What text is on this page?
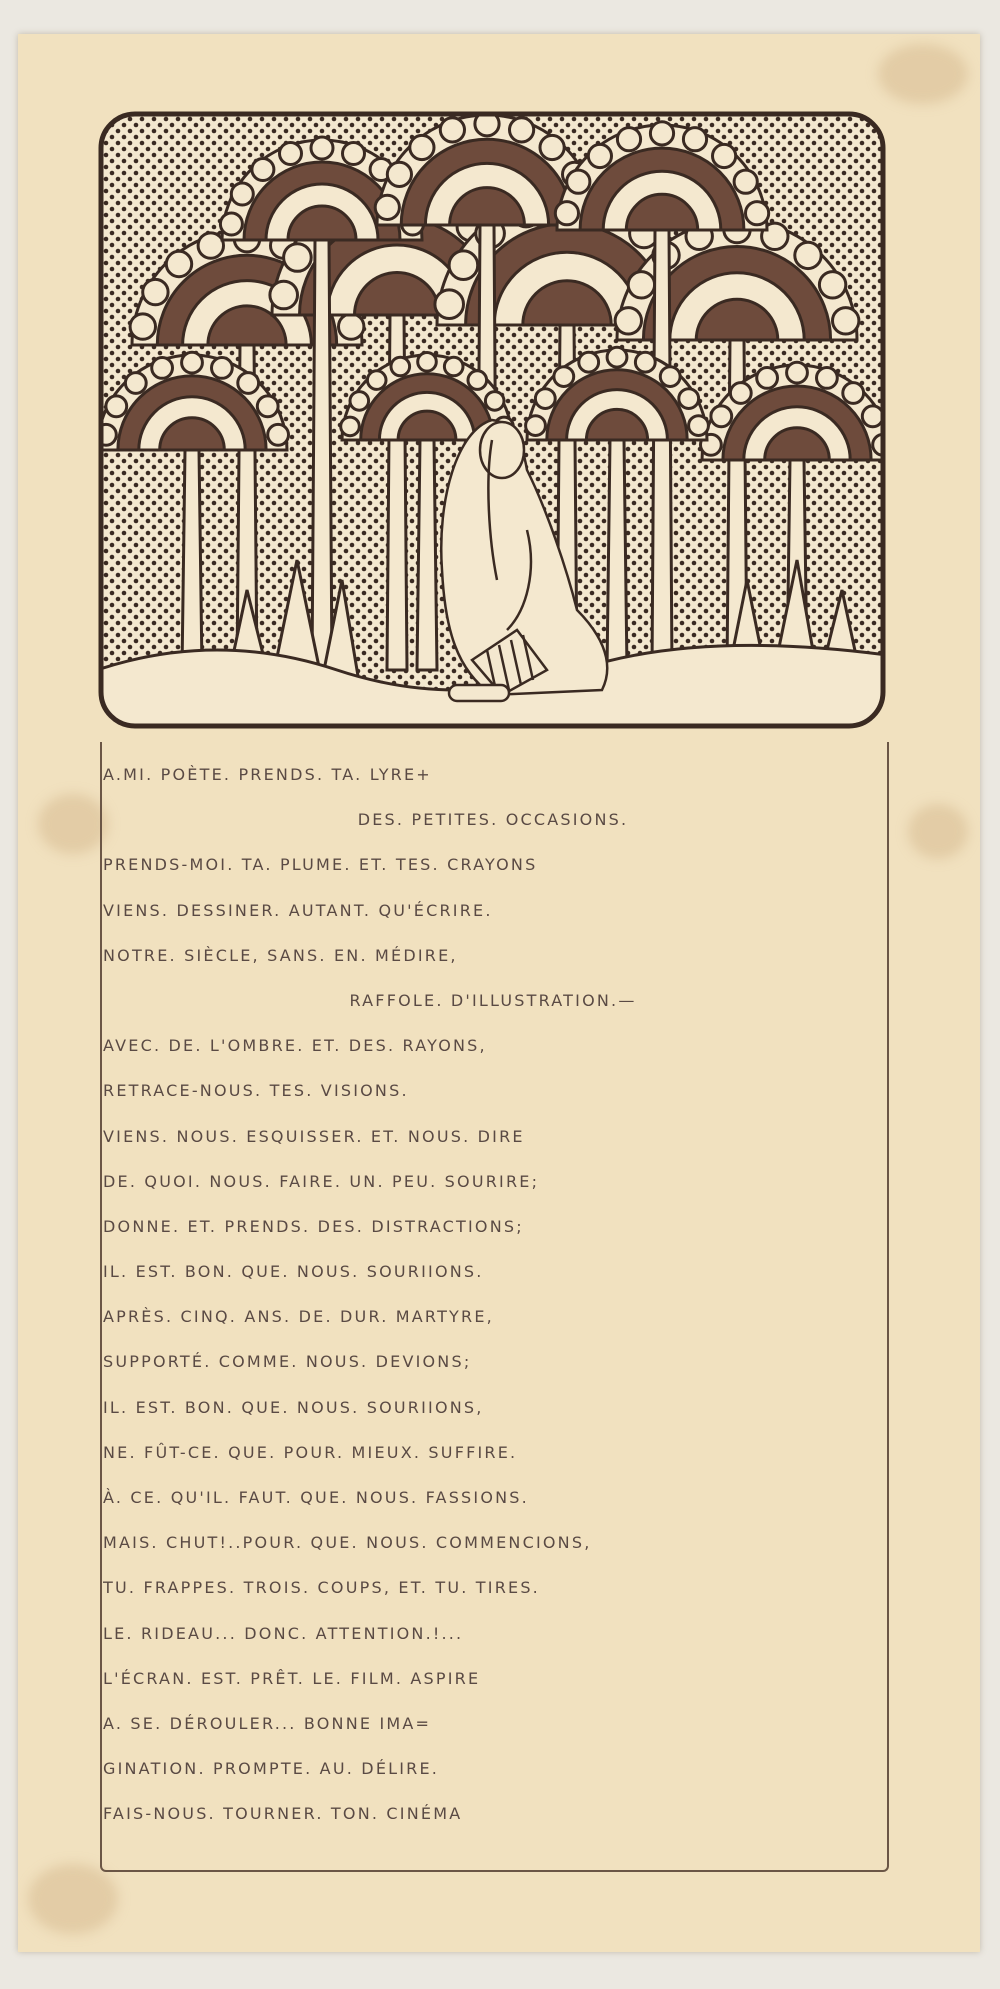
A.MI. POÈTE. PRENDS. TA. LYRE+
DES. PETITES. OCCASIONS.
PRENDS-MOI. TA. PLUME. ET. TES. CRAYONS
VIENS. DESSINER. AUTANT. QU'ÉCRIRE.
NOTRE. SIÈCLE, SANS. EN. MÉDIRE,
RAFFOLE. D'ILLUSTRATION.—
AVEC. DE. L'OMBRE. ET. DES. RAYONS,
RETRACE-NOUS. TES. VISIONS.
VIENS. NOUS. ESQUISSER. ET. NOUS. DIRE
DE. QUOI. NOUS. FAIRE. UN. PEU. SOURIRE;
DONNE. ET. PRENDS. DES. DISTRACTIONS;
IL. EST. BON. QUE. NOUS. SOURIIONS.
APRÈS. CINQ. ANS. DE. DUR. MARTYRE,
SUPPORTÉ. COMME. NOUS. DEVIONS;
IL. EST. BON. QUE. NOUS. SOURIIONS,
NE. FÛT-CE. QUE. POUR. MIEUX. SUFFIRE.
À. CE. QU'IL. FAUT. QUE. NOUS. FASSIONS.
MAIS. CHUT!..POUR. QUE. NOUS. COMMENCIONS,
TU. FRAPPES. TROIS. COUPS, ET. TU. TIRES.
LE. RIDEAU... DONC. ATTENTION.!...
L'ÉCRAN. EST. PRÊT. LE. FILM. ASPIRE
A. SE. DÉROULER... BONNE IMA=
GINATION. PROMPTE. AU. DÉLIRE.
FAIS-NOUS. TOURNER. TON. CINÉMA
